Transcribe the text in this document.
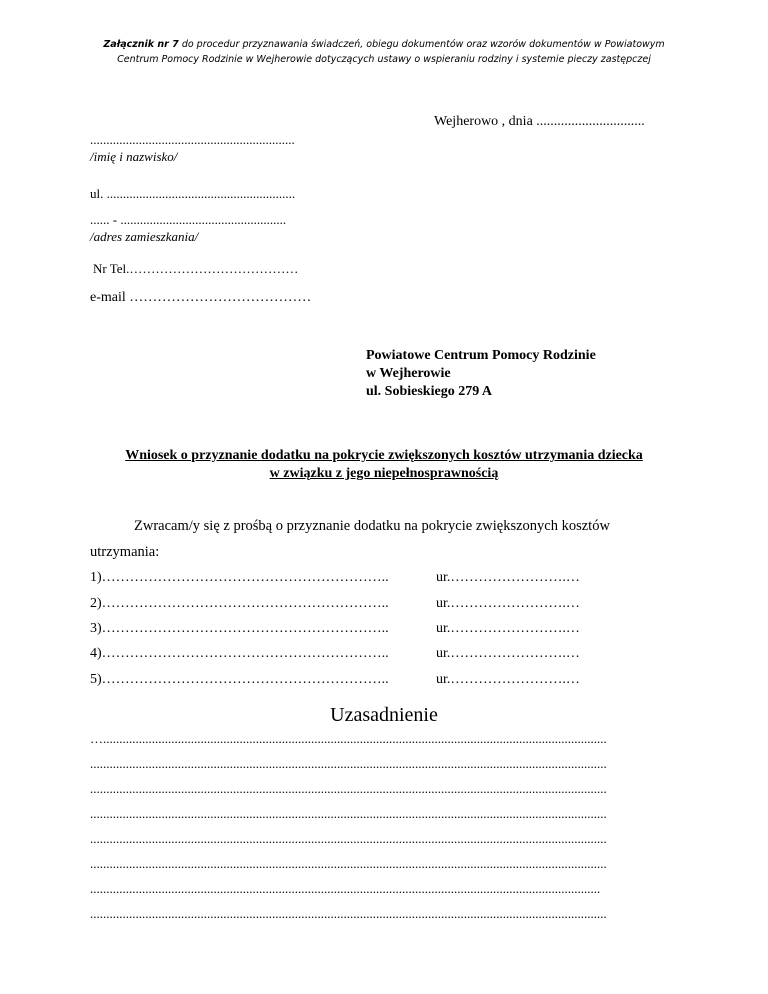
Załącznik nr 7 do procedur przyznawania świadczeń, obiegu dokumentów oraz wzorów dokumentów w Powiatowym
Centrum Pomocy Rodzinie w Wejherowie dotyczących ustawy o wspieraniu rodziny i systemie pieczy zastępczej
Wejherowo , dnia ...............................
...............................................................
/imię i nazwisko/
ul. ..........................................................
...... - ...................................................
/adres zamieszkania/
Nr Tel.…………………………………
e-mail …………………………………
Powiatowe Centrum Pomocy Rodzinie
w Wejherowie
ul. Sobieskiego 279 A
Wniosek o przyznanie dodatku na pokrycie zwiększonych kosztów utrzymania dziecka
w związku z jego niepełnosprawnością
Zwracam/y się z prośbą o przyznanie dodatku na pokrycie zwiększonych kosztów
utrzymania:
1)……………………………………………………..	ur.…………………….…
2)……………………………………………………..	ur.…………………….…
3)……………………………………………………..	ur.…………………….…
4)……………………………………………………..	ur.…………………….…
5)……………………………………………………..	ur.…………………….…
Uzasadnienie
…...........................................................................................................................................................
...............................................................................................................................................................
...............................................................................................................................................................
...............................................................................................................................................................
...............................................................................................................................................................
...............................................................................................................................................................
.............................................................................................................................................................
...............................................................................................................................................................
